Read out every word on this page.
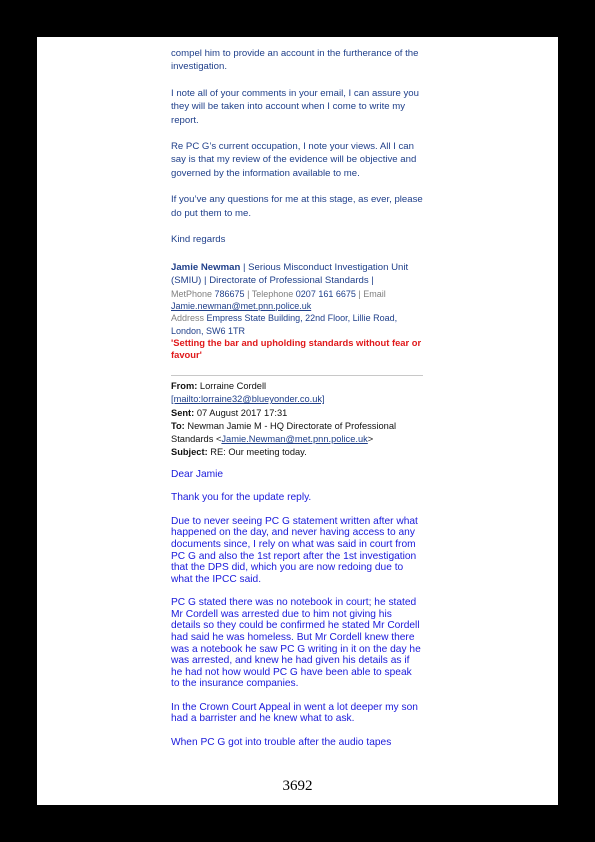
compel him to provide an account in the furtherance of the investigation.

I note all of your comments in your email, I can assure you they will be taken into account when I come to write my report.

Re PC G’s current occupation, I note your views. All I can say is that my review of the evidence will be objective and governed by the information available to me.

If you’ve any questions for me at this stage, as ever, please do put them to me.

Kind regards

Jamie Newman | Serious Misconduct Investigation Unit (SMIU) | Directorate of Professional Standards |

MetPhone 786675 | Telephone 0207 161 6675 | Email
Jamie.newman@met.pnn.police.uk
Address Empress State Building, 22nd Floor, Lillie Road, London, SW6 1TR

'Setting the bar and upholding standards without fear or favour'

From: Lorraine Cordell
[mailto:lorraine32@blueyonder.co.uk]

Sent: 07 August 2017 17:31

To: Newman Jamie M - HQ Directorate of Professional Standards <Jamie.Newman@met.pnn.police.uk>

Subject: RE: Our meeting today.

Dear Jamie

Thank you for the update reply.

Due to never seeing PC G statement written after what happened on the day, and never having access to any documents since, I rely on what was said in court from PC G and also the 1st report after the 1st investigation that the DPS did, which you are now redoing due to what the IPCC said.

PC G stated there was no notebook in court; he stated Mr Cordell was arrested due to him not giving his details so they could be confirmed he stated Mr Cordell had said he was homeless. But Mr Cordell knew there was a notebook he saw PC G writing in it on the day he was arrested, and knew he had given his details as if he had not how would PC G have been able to speak to the insurance companies.

In the Crown Court Appeal in went a lot deeper my son had a barrister and he knew what to ask.

When PC G got into trouble after the audio tapes

3692
